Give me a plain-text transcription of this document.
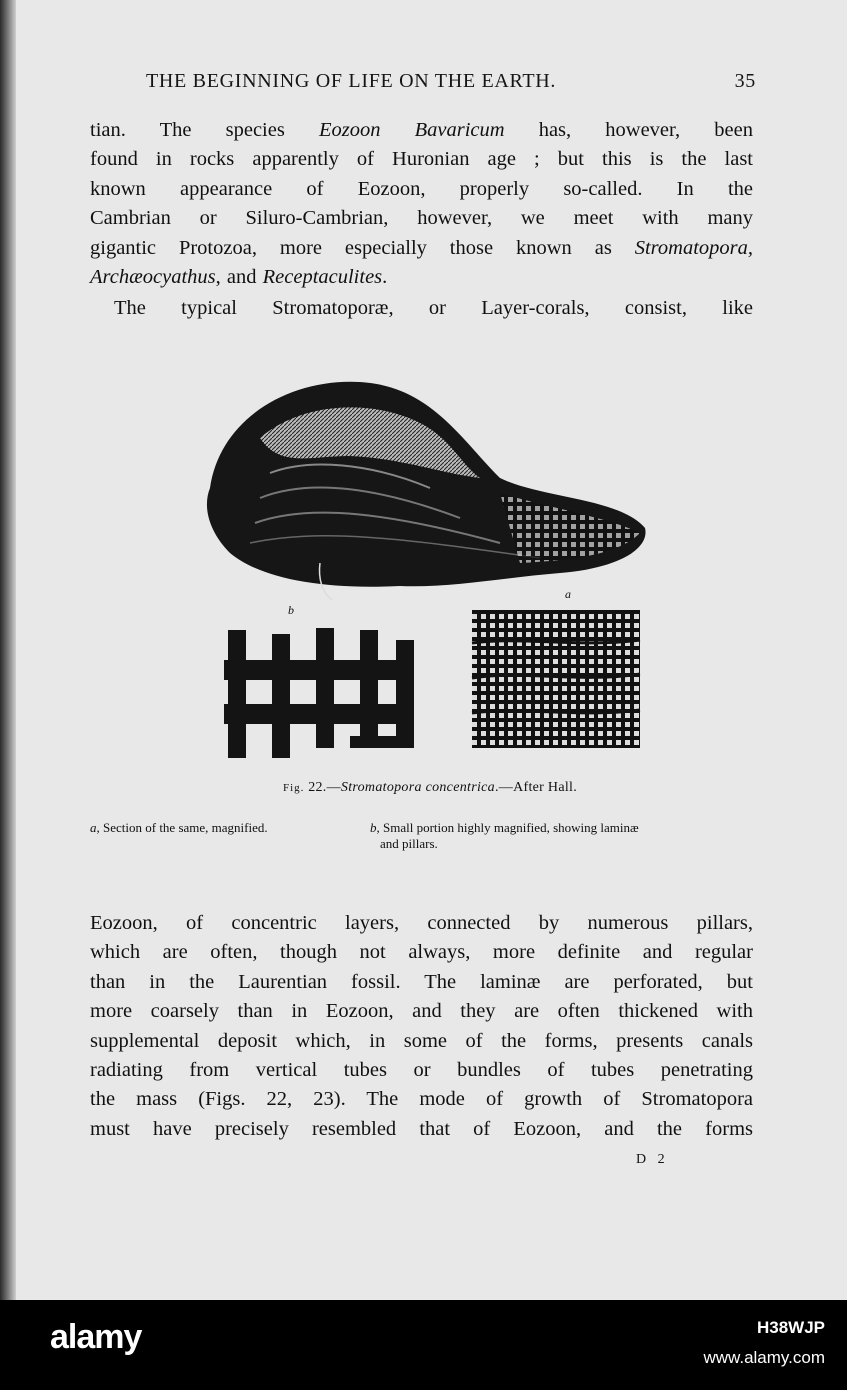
THE BEGINNING OF LIFE ON THE EARTH.	35

tian. The species Eozoon Bavaricum has, however, been
found in rocks apparently of Huronian age ; but this is the last
known appearance of Eozoon, properly so-called. In the
Cambrian or Siluro-Cambrian, however, we meet with many
gigantic Protozoa, more especially those known as Stromatopora,
Archæocyathus, and Receptaculites.

The typical Stromatoporæ, or Layer-corals, consist, like

b
a
Fig. 22.—Stromatopora concentrica.—After Hall.
a, Section of the same, magnified.	b, Small portion highly magnified, showing laminæ
and pillars.

Eozoon, of concentric layers, connected by numerous pillars,
which are often, though not always, more definite and regular
than in the Laurentian fossil. The laminæ are perforated, but
more coarsely than in Eozoon, and they are often thickened with
supplemental deposit which, in some of the forms, presents canals
radiating from vertical tubes or bundles of tubes penetrating
the mass (Figs. 22, 23). The mode of growth of Stromatopora
must have precisely resembled that of Eozoon, and the forms

D 2
alamy	H38WJP
www.alamy.com
